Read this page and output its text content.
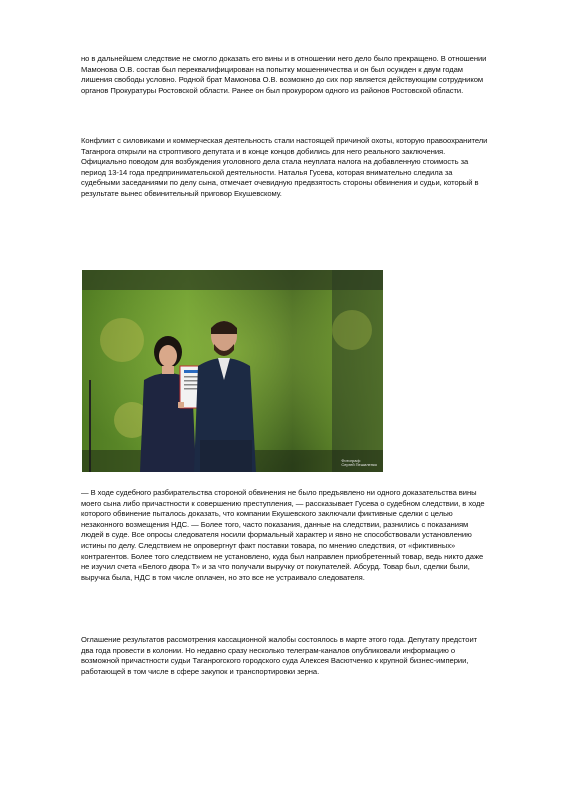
но в дальнейшем следствие не смогло доказать его вины и в отношении него дело было прекращено. В отношении Мамонова О.В. состав был переквалифицирован на попытку мошенничества и он был осужден к двум годам лишения свободы условно. Родной брат Мамонова О.В. возможно до сих пор является действующим сотрудником органов Прокуратуры Ростовской области. Ранее он был прокурором одного из районов Ростовской области.

Конфликт с силовиками и коммерческая деятельность стали настоящей причиной охоты, которую правоохранители Таганрога открыли на строптивого депутата и в конце концов добились для него реального заключения. Официально поводом для возбуждения уголовного дела стала неуплата налога на добавленную стоимость за период 13-14 года предпринимательской деятельности. Наталья Гусева, которая внимательно следила за судебными заседаниями по делу сына, отмечает очевидную предвзятость стороны обвинения и судьи, который в результате вынес обвинительный приговор Екушевскому.

Фотограф:
Сергей Пешиленко

— В ходе судебного разбирательства стороной обвинения не было предъявлено ни одного доказательства вины моего сына либо причастности к совершению преступления, — рассказывает Гусева о судебном следствии, в ходе которого обвинение пыталось доказать, что компании Екушевского заключали фиктивные сделки с целью незаконного возмещения НДС. — Более того, часто показания, данные на следствии, разнились с показаниям людей в суде. Все опросы следователя носили формальный характер и явно не способствовали установлению истины по делу. Следствием не опровергнут факт поставки товара, по мнению следствия, от «фиктивных» контрагентов. Более того следствием не установлено, куда был направлен приобретенный товар, ведь никто даже не изучил счета «Белого двора Т» и за что получали выручку от покупателей. Абсурд. Товар был, сделки были, выручка была, НДС в том числе оплачен, но это все не устраивало следователя.

Оглашение результатов рассмотрения кассационной жалобы состоялось в марте этого года. Депутату предстоит два года провести в колонии. Но недавно сразу несколько телеграм-каналов опубликовали информацию о возможной причастности судьи Таганрогского городского суда Алексея Васютченко к крупной бизнес-империи, работающей в том числе в сфере закупок и транспортировки зерна.
